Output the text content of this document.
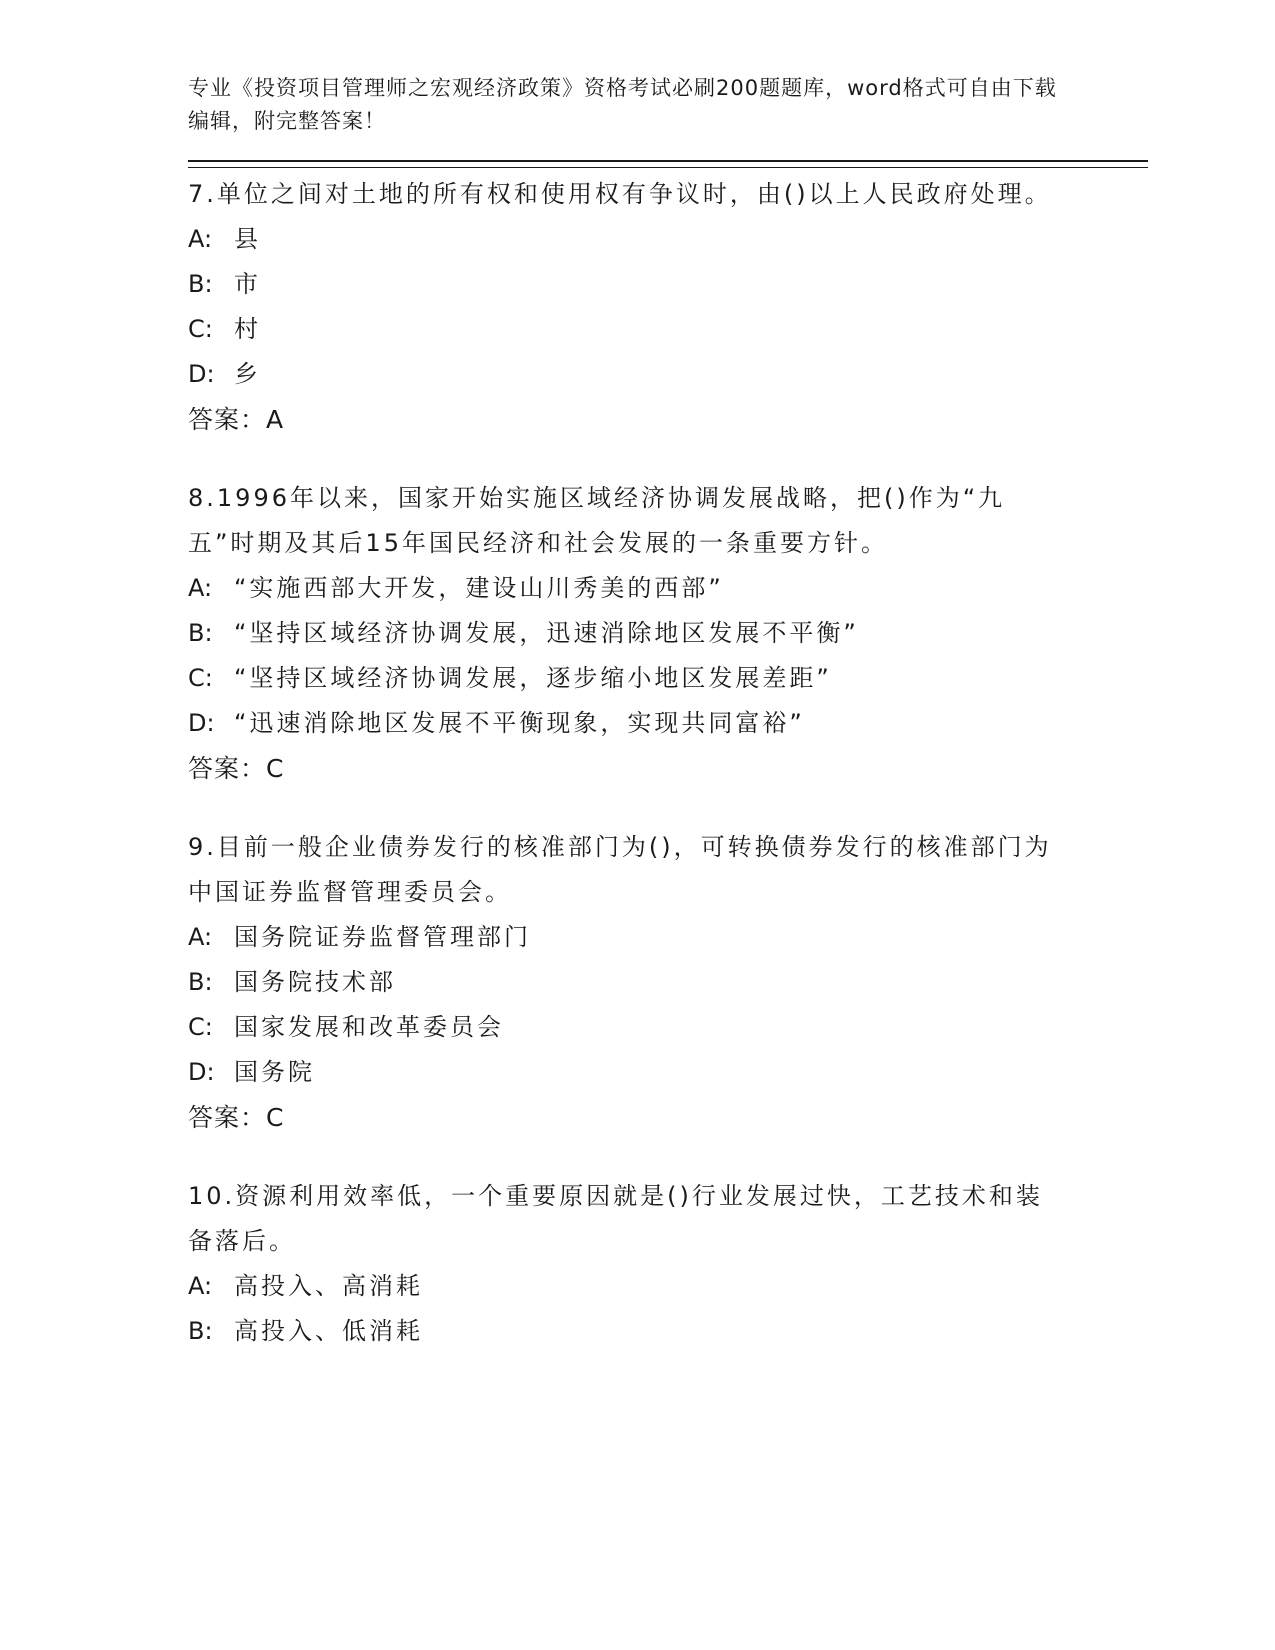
专业《投资项目管理师之宏观经济政策》资格考试必刷200题题库，word格式可自由下载编辑，附完整答案！
7.单位之间对土地的所有权和使用权有争议时，由()以上人民政府处理。
A: 县
B: 市
C: 村
D: 乡
答案：A
8.1996年以来，国家开始实施区域经济协调发展战略，把()作为“九五”时期及其后15年国民经济和社会发展的一条重要方针。
A: “实施西部大开发，建设山川秀美的西部”
B: “坚持区域经济协调发展，迅速消除地区发展不平衡”
C: “坚持区域经济协调发展，逐步缩小地区发展差距”
D: “迅速消除地区发展不平衡现象，实现共同富裕”
答案：C
9.目前一般企业债券发行的核准部门为()，可转换债券发行的核准部门为中国证券监督管理委员会。
A: 国务院证券监督管理部门
B: 国务院技术部
C: 国家发展和改革委员会
D: 国务院
答案：C
10.资源利用效率低，一个重要原因就是()行业发展过快，工艺技术和装备落后。
A: 高投入、高消耗
B: 高投入、低消耗
